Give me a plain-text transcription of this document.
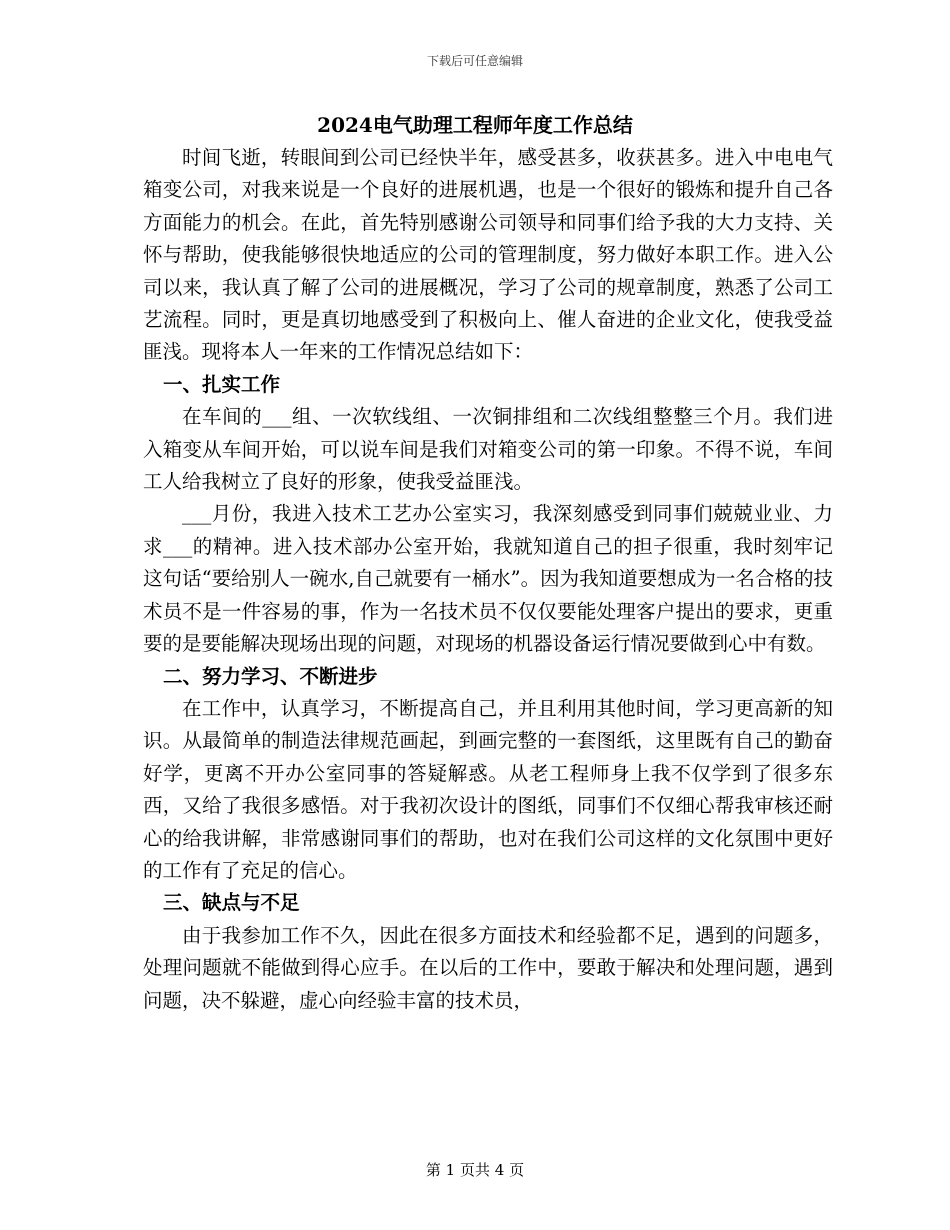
下载后可任意编辑
2024电气助理工程师年度工作总结

时间飞逝，转眼间到公司已经快半年，感受甚多，收获甚多。进入中电电气箱变公司，对我来说是一个良好的进展机遇，也是一个很好的锻炼和提升自己各方面能力的机会。在此，首先特别感谢公司领导和同事们给予我的大力支持、关怀与帮助，使我能够很快地适应的公司的管理制度，努力做好本职工作。进入公司以来，我认真了解了公司的进展概况，学习了公司的规章制度，熟悉了公司工艺流程。同时，更是真切地感受到了积极向上、催人奋进的企业文化，使我受益匪浅。现将本人一年来的工作情况总结如下：

一、扎实工作

在车间的___组、一次软线组、一次铜排组和二次线组整整三个月。我们进入箱变从车间开始，可以说车间是我们对箱变公司的第一印象。不得不说，车间工人给我树立了良好的形象，使我受益匪浅。

___月份，我进入技术工艺办公室实习，我深刻感受到同事们兢兢业业、力求___的精神。进入技术部办公室开始，我就知道自己的担子很重，我时刻牢记这句话“要给别人一碗水,自己就要有一桶水”。因为我知道要想成为一名合格的技术员不是一件容易的事，作为一名技术员不仅仅要能处理客户提出的要求，更重要的是要能解决现场出现的问题，对现场的机器设备运行情况要做到心中有数。

二、努力学习、不断进步

在工作中，认真学习，不断提高自己，并且利用其他时间，学习更高新的知识。从最简单的制造法律规范画起，到画完整的一套图纸，这里既有自己的勤奋好学，更离不开办公室同事的答疑解惑。从老工程师身上我不仅学到了很多东西，又给了我很多感悟。对于我初次设计的图纸，同事们不仅细心帮我审核还耐心的给我讲解，非常感谢同事们的帮助，也对在我们公司这样的文化氛围中更好的工作有了充足的信心。

三、缺点与不足

由于我参加工作不久，因此在很多方面技术和经验都不足，遇到的问题多，处理问题就不能做到得心应手。在以后的工作中，要敢于解决和处理问题，遇到问题，决不躲避，虚心向经验丰富的技术员，

第 1 页共 4 页
